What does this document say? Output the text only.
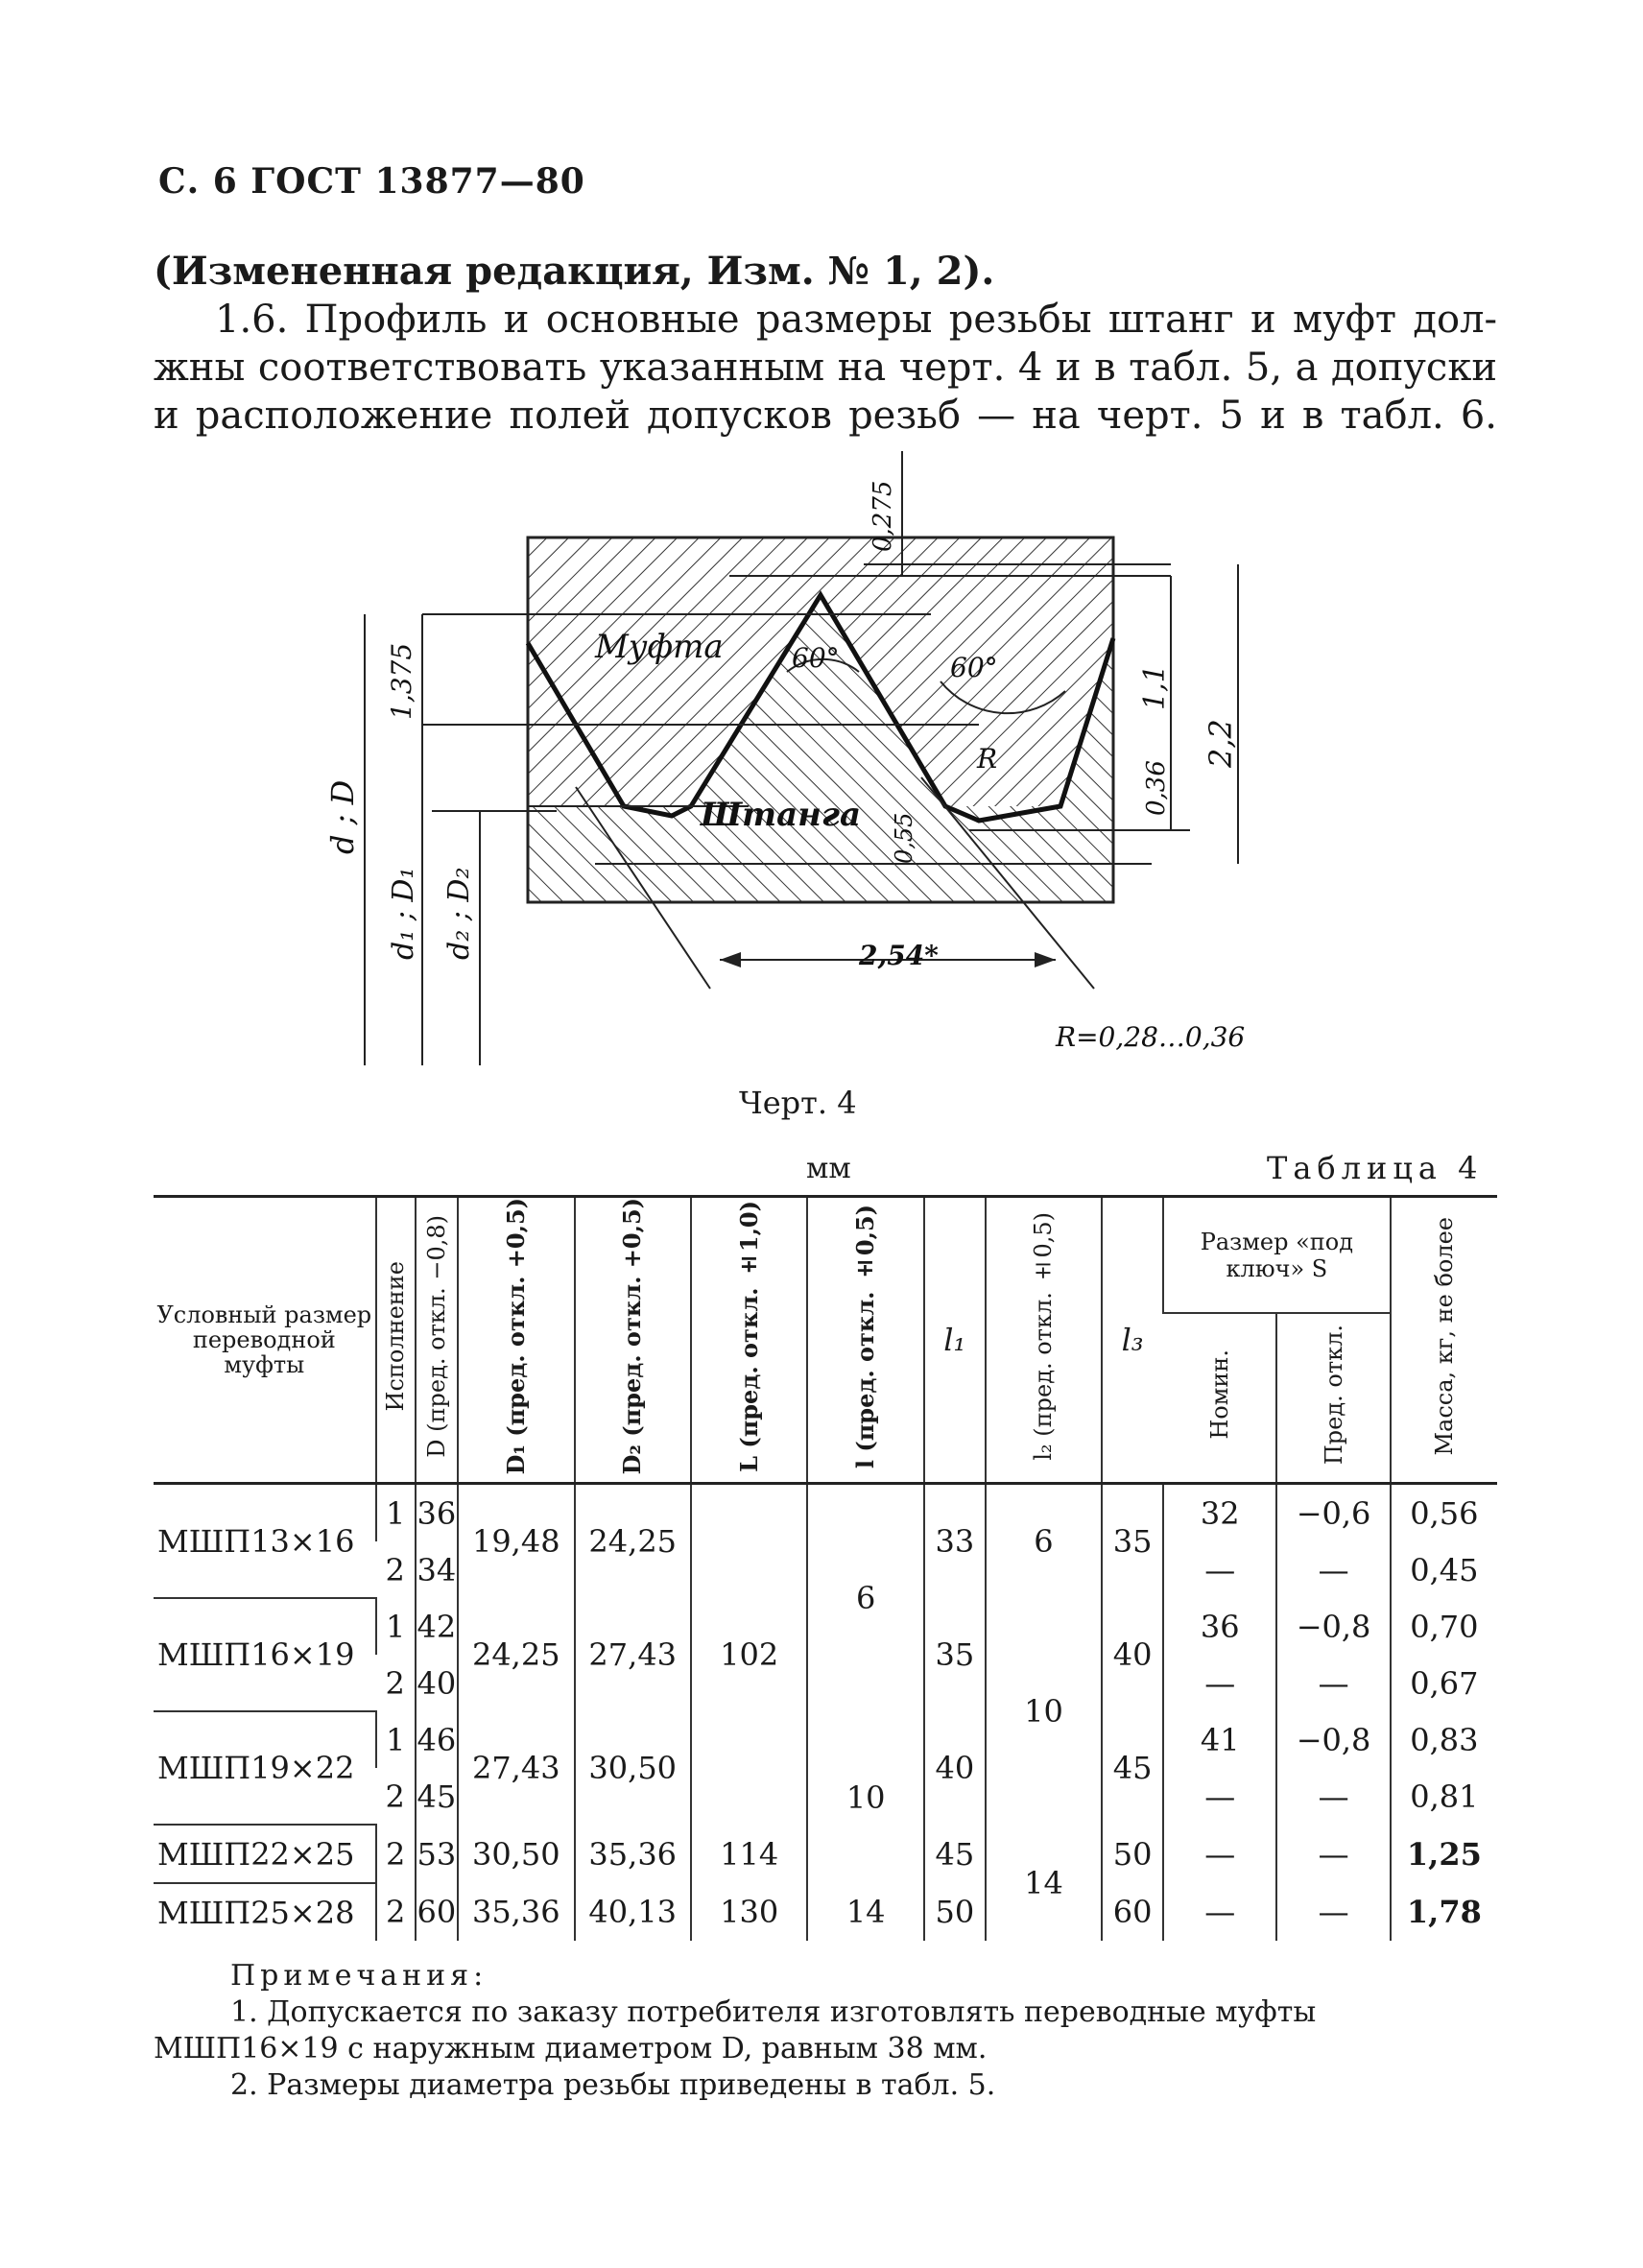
С. 6 ГОСТ 13877—80
(Измененная редакция, Изм. № 1, 2).
1.6. Профиль и основные размеры резьбы штанг и муфт дол-
жны соответствовать указанным на черт. 4 и в табл. 5, а допуски
и расположение полей допусков резьб — на черт. 5 и в табл. 6.
Муфта
Штанга
60°	60°
R
2,54*
0,275
1,1
2,2
0,36
1,375
0,55
d ; D
d₁ ; D₁ d₂ ; D₂
R=0,28…0,36
Черт. 4
мм	Таблица 4
Условный размер переводной муфты	Исполнение	D (пред. откл. −0,8)	D₁ (пред. откл. +0,5)	D₂ (пред. откл. +0,5)	L (пред. откл. ±1,0)	l (пред. откл. ±0,5)	l₁	l₂ (пред. откл. ±0,5)	l₃	Размер «под ключ» S		Масса, кг, не более
										Номин.	Пред. откл.	
МШП13×16	1	36	19,48	24,25	102	6	33	6	35	32	−0,6	0,56
	2	34								—	—	0,45
МШП16×19	1	42	24,25	27,43			35	10	40	36	−0,8	0,70
	2	40								—	—	0,67
МШП19×22	1	46	27,43	30,50		10	40		45	41	−0,8	0,83
	2	45								—	—	0,81
МШП22×25	2	53	30,50	35,36	114		45	14	50	—	—	1,25
МШП25×28	2	60	35,36	40,13	130	14	50		60	—	—	1,78
Примечания:
1. Допускается по заказу потребителя изготовлять переводные муфты
МШП16×19 с наружным диаметром D, равным 38 мм.
2. Размеры диаметра резьбы приведены в табл. 5.
